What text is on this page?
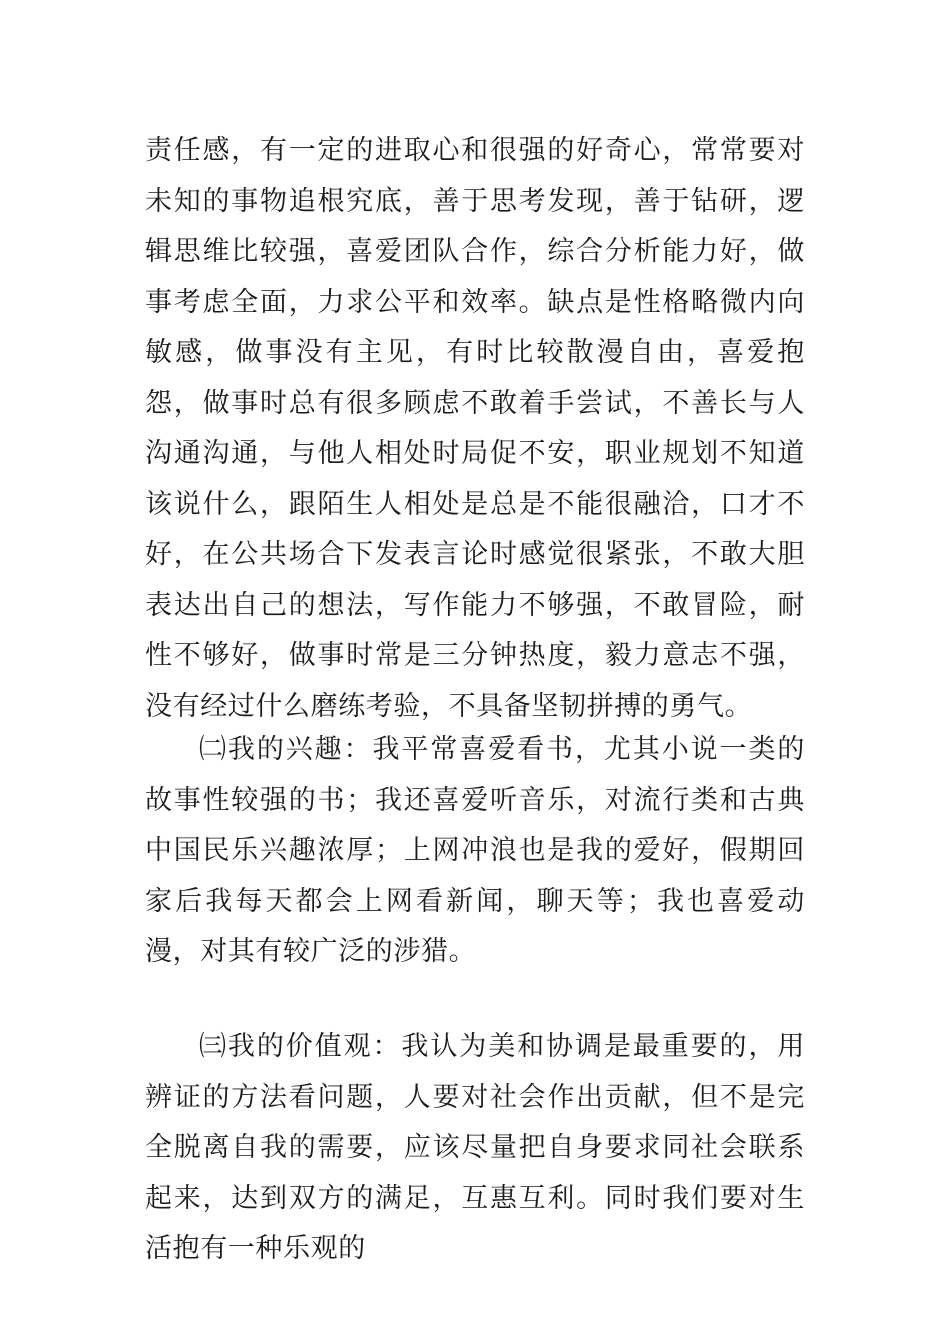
责任感，有一定的进取心和很强的好奇心，常常要对未知的事物追根究底，善于思考发现，善于钻研，逻辑思维比较强，喜爱团队合作，综合分析能力好，做事考虑全面，力求公平和效率。缺点是性格略微内向敏感，做事没有主见，有时比较散漫自由，喜爱抱怨，做事时总有很多顾虑不敢着手尝试，不善长与人沟通沟通，与他人相处时局促不安，职业规划不知道该说什么，跟陌生人相处是总是不能很融洽，口才不好，在公共场合下发表言论时感觉很紧张，不敢大胆表达出自己的想法，写作能力不够强，不敢冒险，耐性不够好，做事时常是三分钟热度，毅力意志不强，没有经过什么磨练考验，不具备坚韧拼搏的勇气。

㈡我的兴趣：我平常喜爱看书，尤其小说一类的故事性较强的书；我还喜爱听音乐，对流行类和古典中国民乐兴趣浓厚；上网冲浪也是我的爱好，假期回家后我每天都会上网看新闻，聊天等；我也喜爱动漫，对其有较广泛的涉猎。

㈢我的价值观：我认为美和协调是最重要的，用辨证的方法看问题，人要对社会作出贡献，但不是完全脱离自我的需要，应该尽量把自身要求同社会联系起来，达到双方的满足，互惠互利。同时我们要对生活抱有一种乐观的
